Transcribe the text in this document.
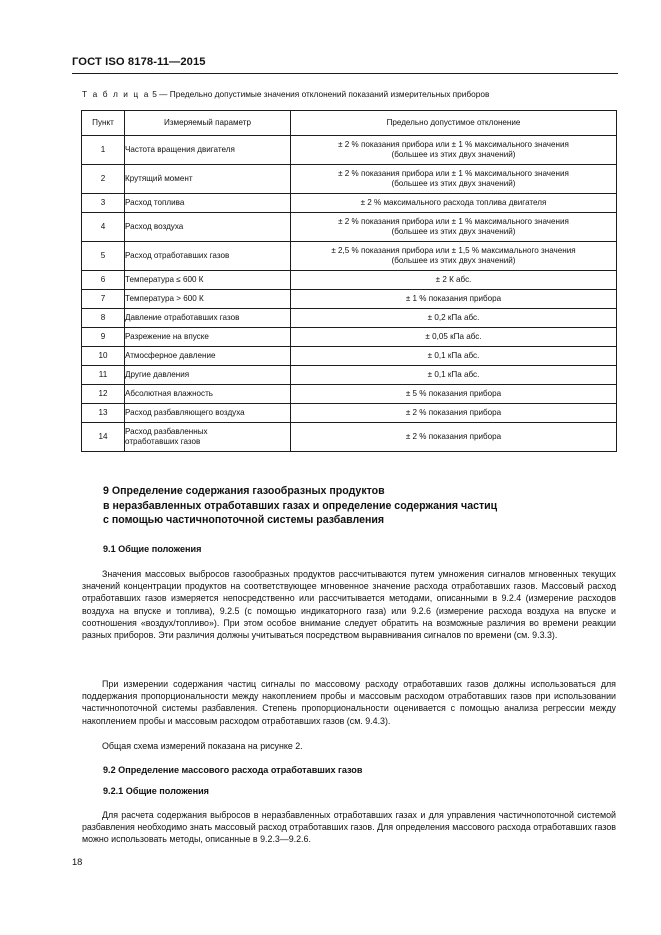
ГОСТ ISO 8178-11—2015
Т а б л и ц а 5 — Предельно допустимые значения отклонений показаний измерительных приборов
Пункт	Измеряемый параметр	Предельно допустимое отклонение
1	Частота вращения двигателя	± 2 % показания прибора или ± 1 % максимального значения
(большее из этих двух значений)

2	Крутящий момент	± 2 % показания прибора или ± 1 % максимального значения
(большее из этих двух значений)

3	Расход топлива	± 2 % максимального расхода топлива двигателя
4	Расход воздуха	± 2 % показания прибора или ± 1 % максимального значения
(большее из этих двух значений)

5	Расход отработавших газов	± 2,5 % показания прибора или ± 1,5 % максимального значения
(большее из этих двух значений)

6	Температура ≤ 600 К	± 2 К абс.
7	Температура > 600 К	± 1 % показания прибора
8	Давление отработавших газов	± 0,2 кПа абс.
9	Разрежение на впуске	± 0,05 кПа абс.
10	Атмосферное давление	± 0,1 кПа абс.
11	Другие давления	± 0,1 кПа абс.
12	Абсолютная влажность	± 5 % показания прибора
13	Расход разбавляющего воздуха	± 2 % показания прибора
14	Расход разбавленных
отработавших газов	± 2 % показания прибора
9 Определение содержания газообразных продуктов
в неразбавленных отработавших газах и определение содержания частиц
с помощью частичнопоточной системы разбавления
9.1 Общие положения

Значения массовых выбросов газообразных продуктов рассчитываются путем умножения сигналов мгновенных текущих значений концентрации продуктов на соответствующее мгновенное значение расхода отработавших газов. Массовый расход отработавших газов измеряется непосредственно или рассчитывается методами, описанными в 9.2.4 (измерение расходов воздуха на впуске и топлива), 9.2.5 (с помощью индикаторного газа) или 9.2.6 (измерение расхода воздуха на впуске и соотношения «воздух/топливо»). При этом особое внимание следует обратить на возможные различия во времени реакции разных приборов. Эти различия должны учитываться посредством выравнивания сигналов по времени (см. 9.3.3).

При измерении содержания частиц сигналы по массовому расходу отработавших газов должны использоваться для поддержания пропорциональности между накоплением пробы и массовым расходом отработавших газов при использовании частичнопоточной системы разбавления. Степень пропорциональности оценивается с помощью анализа регрессии между накоплением пробы и массовым расходом отработавших газов (см. 9.4.3).

Общая схема измерений показана на рисунке 2.

9.2 Определение массового расхода отработавших газов
9.2.1 Общие положения

Для расчета содержания выбросов в неразбавленных отработавших газах и для управления частичнопоточной системой разбавления необходимо знать массовый расход отработавших газов. Для определения массового расхода отработавших газов можно использовать методы, описанные в 9.2.3—9.2.6.

18
